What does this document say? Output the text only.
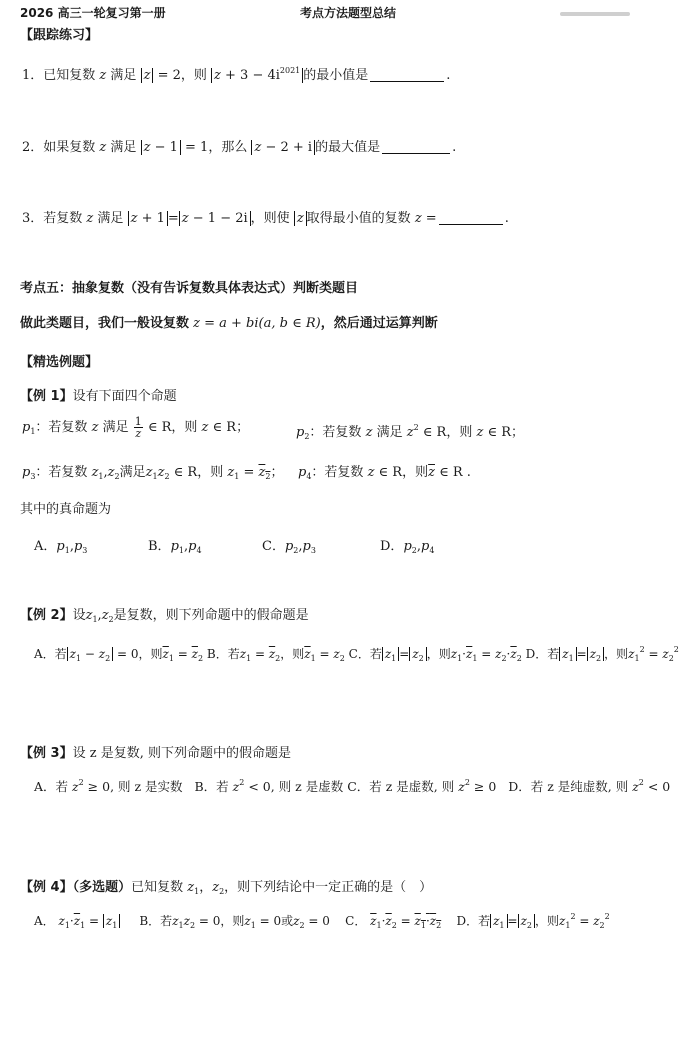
2026 高三一轮复习第一册	考点方法题型总结
【跟踪练习】
1．已知复数 z 满足 z = 2，则 $z + 3 - 4i^{2021}$ 的最小值是	.
2．如果复数 z 满足 z − 1 = 1，那么 z − 2 + i 的最大值是	.
3．若复数 z 满足 z + 1 = z − 1 − 2i ，则使 z 取得最小值的复数 z =	.
考点五：抽象复数（没有告诉复数具体表达式）判断类题目
做此类题目，我们一般设复数 z = a + bi(a, b ∈ R)，然后通过运算判断
【精选例题】
【例 1】设有下面四个命题
$p_1$：若复数 z 满足 $\frac{1}{z}$ ∈ R，则 z ∈ R；	$p_2$：若复数 z 满足 $z^2$ ∈ R，则 z ∈ R；
$p_3$：若复数 $z_1,z_2$满足$z_1z_2$ ∈ R，则 $z_1 = z_2$； $p_4$：若复数 z ∈ R，则$\overline{z}$ ∈ R .
其中的真命题为
A．$p_1,p_3$	B．$p_1,p_4$	C．$p_2,p_3$	D．$p_2,p_4$
【例 2】设$z_1,z_2$是复数，则下列命题中的假命题是
A．若 $z_1 - z_2 = 0$，则$\overline{z}_1 = \overline{z}_2$ B．若$z_1 = \overline{z}_2$，则$\overline{z}_1 = z_2$ C．若 $z_1 = z_2$ ，则$z_1\cdot\overline{z}_1 = z_2\cdot\overline{z}_2$ D．若 $z_1 = z_2$ ，则$z_1^2 = z_2^2$
【例 3】设 z 是复数, 则下列命题中的假命题是
A．若 $z^2 \ge 0$, 则 z 是实数 B．若 $z^2 < 0$, 则 z 是虚数 C．若 z 是虚数, 则 $z^2 \ge 0$ D．若 z 是纯虚数, 则 $z^2 < 0$
【例 4】（多选题）已知复数 $z_1$，$z_2$，则下列结论中一定正确的是（　）
A． $z_1\cdot\overline{z}_1 = z_1$ B．若$z_1z_2 = 0$，则$z_1 = 0$或$z_2 = 0$ C． $\overline{z}_1\cdot\overline{z}_2 = z_1\cdot z_2$ D．若 $z_1 = z_2$ ，则$z_1^2 = z_2^2$
